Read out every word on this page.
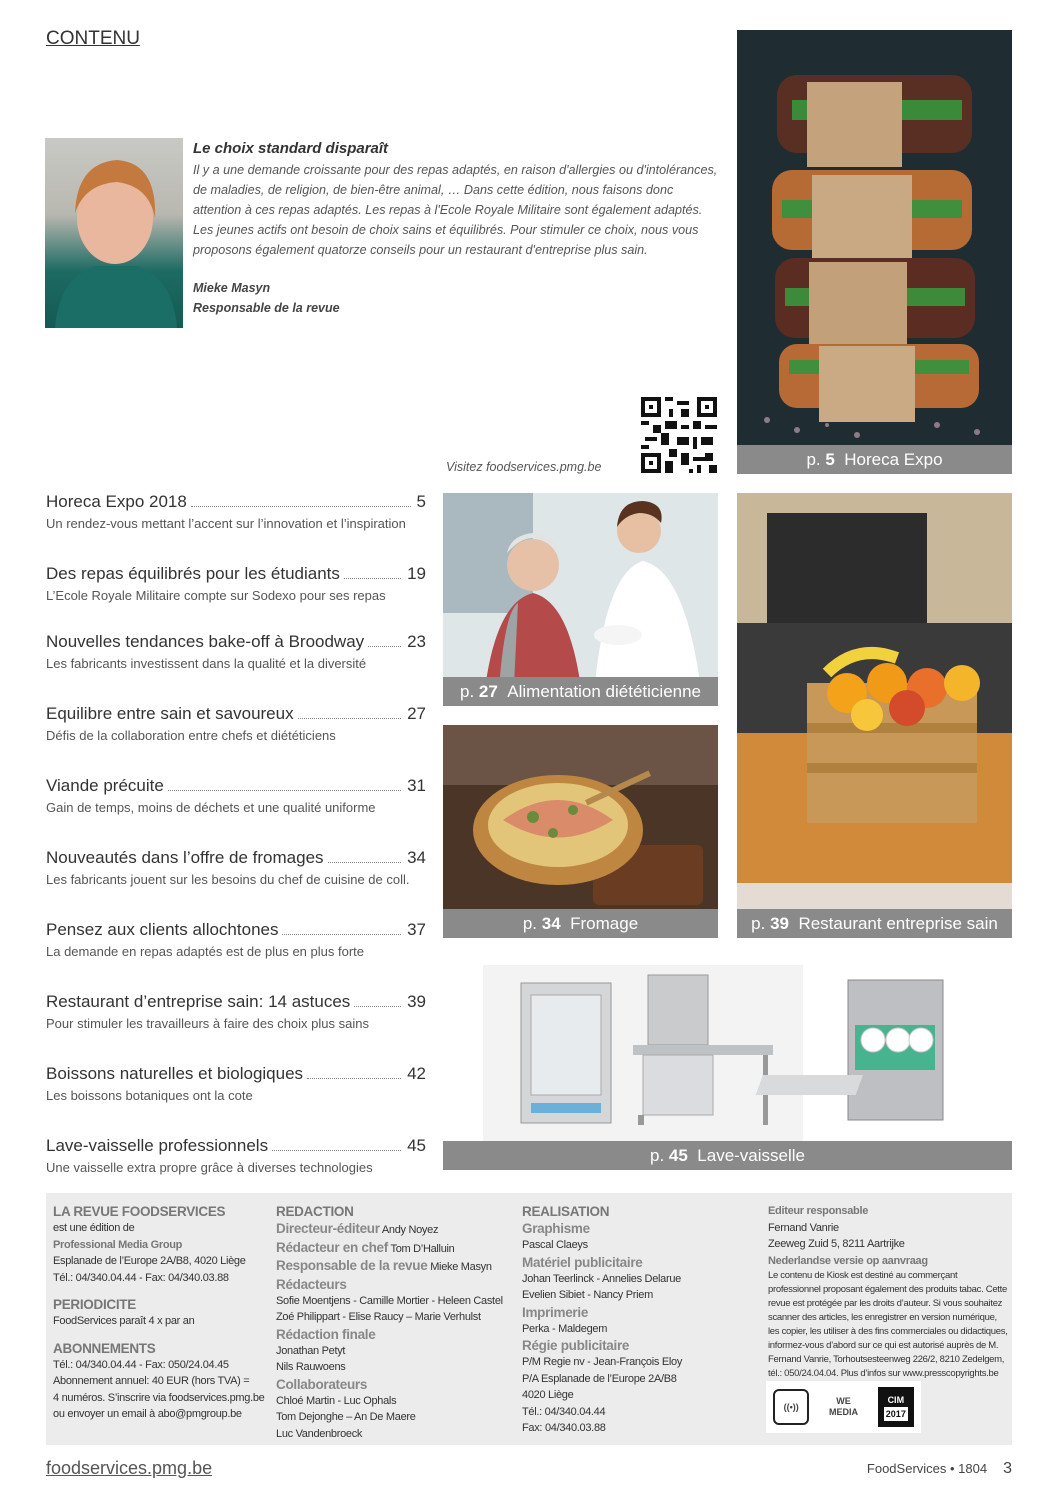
CONTENU
Le choix standard disparaît
Il y a une demande croissante pour des repas adaptés, en raison d'allergies ou d'intolérances, de maladies, de religion, de bien-être animal, … Dans cette édition, nous faisons donc attention à ces repas adaptés. Les repas à l'Ecole Royale Militaire sont également adaptés. Les jeunes actifs ont besoin de choix sains et équilibrés. Pour stimuler ce choix, nous vous proposons également quatorze conseils pour un restaurant d'entreprise plus sain.
Mieke Masyn
Responsable de la revue
Visitez foodservices.pmg.be	p. 5 Horeca Expo
p. 27 Alimentation diététicienne
p. 39 Restaurant entreprise sain
p. 34 Fromage
p. 45 Lave-vaisselle
Horeca Expo 2018	5
Un rendez-vous mettant l’accent sur l’innovation et l’inspiration
Des repas équilibrés pour les étudiants	19
L’Ecole Royale Militaire compte sur Sodexo pour ses repas
Nouvelles tendances bake-off à Broodway	23
Les fabricants investissent dans la qualité et la diversité
Equilibre entre sain et savoureux	27
Défis de la collaboration entre chefs et diététiciens
Viande précuite	31
Gain de temps, moins de déchets et une qualité uniforme
Nouveautés dans l’offre de fromages	34
Les fabricants jouent sur les besoins du chef de cuisine de coll.
Pensez aux clients allochtones	37
La demande en repas adaptés est de plus en plus forte
Restaurant d’entreprise sain: 14 astuces	39
Pour stimuler les travailleurs à faire des choix plus sains
Boissons naturelles et biologiques	42
Les boissons botaniques ont la cote
Lave-vaisselle professionnels	45
Une vaisselle extra propre grâce à diverses technologies
LA REVUE FOODSERVICES
est une édition de
Professional Media Group
Esplanade de l’Europe 2A/B8, 4020 Liège
Tél.: 04/340.04.44 - Fax: 04/340.03.88
PERIODICITE
FoodServices paraît 4 x par an
ABONNEMENTS
Tél.: 04/340.04.44 - Fax: 050/24.04.45
Abonnement annuel: 40 EUR (hors TVA) =
4 numéros. S’inscrire via foodservices.pmg.be
ou envoyer un email à abo@pmgroup.be
REDACTION
Directeur-éditeur Andy Noyez
Rédacteur en chef Tom D’Halluin
Responsable de la revue Mieke Masyn
Rédacteurs
Sofie Moentjens - Camille Mortier - Heleen Castel
Zoé Philippart - Elise Raucy – Marie Verhulst
Rédaction finale
Jonathan Petyt
Nils Rauwoens
Collaborateurs
Chloé Martin - Luc Ophals
Tom Dejonghe – An De Maere
Luc Vandenbroeck
REALISATION
Graphisme
Pascal Claeys
Matériel publicitaire
Johan Teerlinck - Annelies Delarue
Evelien Sibiet - Nancy Priem
Imprimerie
Perka - Maldegem
Régie publicitaire
P/M Regie nv - Jean-François Eloy
P/A Esplanade de l’Europe 2A/B8
4020 Liège
Tél.: 04/340.04.44
Fax: 04/340.03.88
Editeur responsable
Fernand Vanrie
Zeeweg Zuid 5, 8211 Aartrijke
Nederlandse versie op aanvraag
Le contenu de Kiosk est destiné au commerçant professionnel proposant également des produits tabac. Cette revue est protégée par les droits d’auteur. Si vous souhaitez scanner des articles, les enregistrer en version numérique, les copier, les utiliser à des fins commerciales ou didactiques, informez-vous d’abord sur ce qui est autorisé auprès de M. Fernand Vanrie, Torhoutsesteenweg 226/2, 8210 Zedelgem, tél.: 050/24.04.04. Plus d’infos sur www.presscopyrights.be
((•))
WE
MEDIA
CIM
2017
foodservices.pmg.be	FoodServices • 1804 3
